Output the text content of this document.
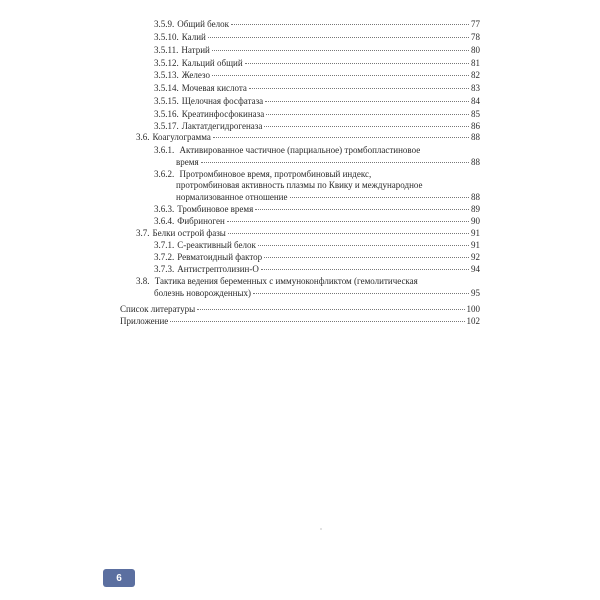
3.5.9. Общий белок	77
3.5.10. Калий	78
3.5.11. Натрий	80
3.5.12. Кальций общий	81
3.5.13. Железо	82
3.5.14. Мочевая кислота	83
3.5.15. Щелочная фосфатаза	84
3.5.16. Креатинфосфокиназа	85
3.5.17. Лактатдегидрогеназа	86
3.6. Коагулограмма	88
3.6.1. Активированное частичное (парциальное) тромбопластиновое
время	88
3.6.2. Протромбиновое время, протромбиновый индекс,
протромбиновая активность плазмы по Квику и международное
нормализованное отношение	88
3.6.3. Тромбиновое время	89
3.6.4. Фибриноген	90
3.7. Белки острой фазы	91
3.7.1. С-реактивный белок	91
3.7.2. Ревматоидный фактор	92
3.7.3. Антистрептолизин-О	94
3.8. Тактика ведения беременных с иммуноконфликтом (гемолитическая
болезнь новорожденных)	95
Список литературы	100
Приложение	102
6
